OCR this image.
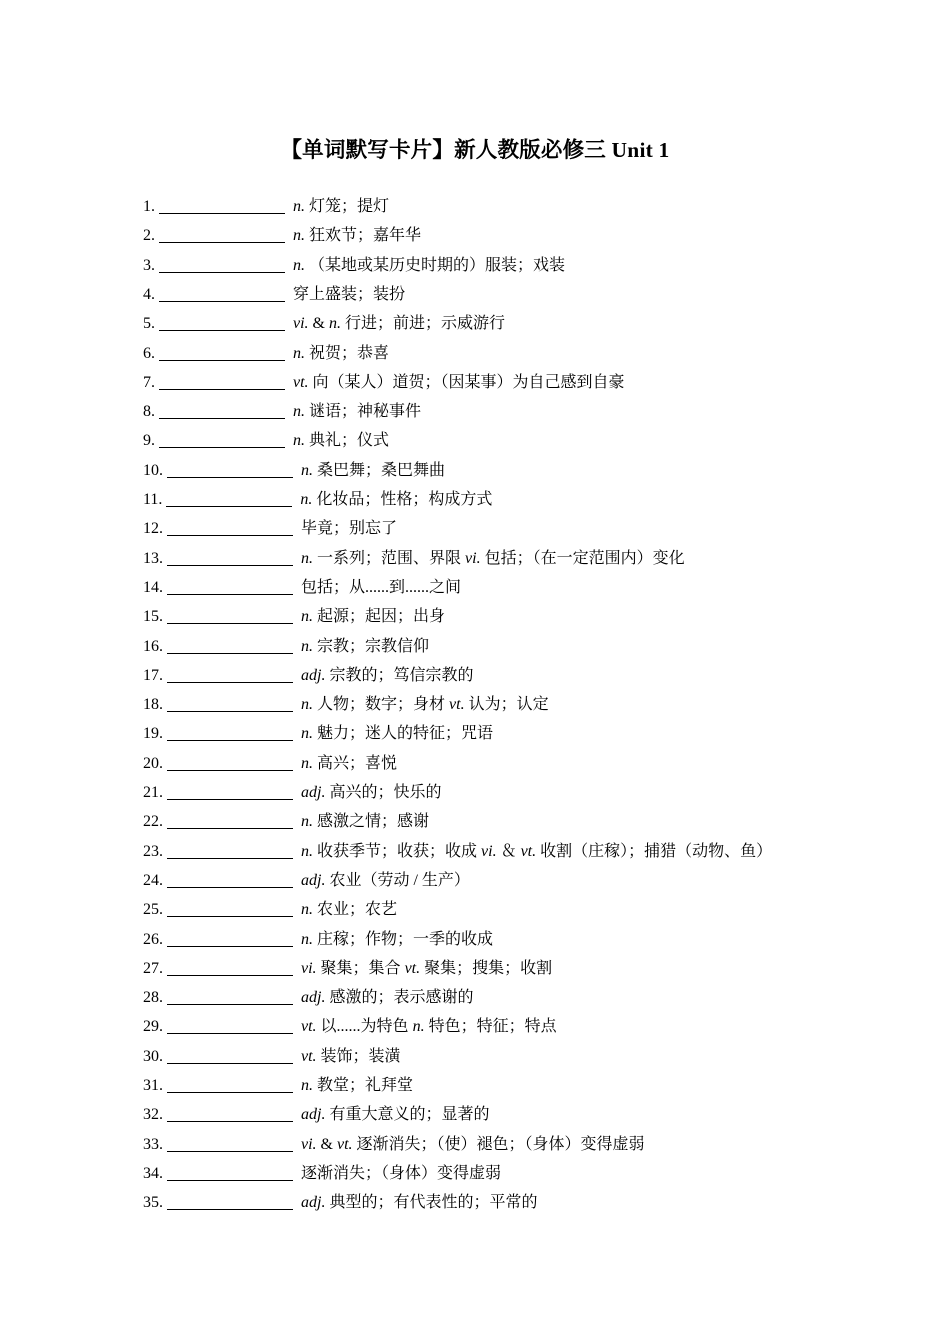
【单词默写卡片】新人教版必修三 Unit 1
1.	n. 灯笼；提灯
2.	n. 狂欢节；嘉年华
3.	n. （某地或某历史时期的）服装；戏装
4.	穿上盛装；装扮
5.	vi. & n. 行进；前进；示威游行
6.	n. 祝贺；恭喜
7.	vt. 向（某人）道贺；（因某事）为自己感到自豪
8.	n. 谜语；神秘事件
9.	n. 典礼；仪式
10.	n. 桑巴舞；桑巴舞曲
11.	n. 化妆品；性格；构成方式
12.	毕竟；别忘了
13.	n. 一系列；范围、界限 vi. 包括；（在一定范围内）变化
14.	包括；从......到......之间
15.	n. 起源；起因；出身
16.	n. 宗教；宗教信仰
17.	adj. 宗教的；笃信宗教的
18.	n. 人物；数字；身材 vt. 认为；认定
19.	n. 魅力；迷人的特征；咒语
20.	n. 高兴；喜悦
21.	adj. 高兴的；快乐的
22.	n. 感激之情；感谢
23.	n. 收获季节；收获；收成 vi. ＆ vt. 收割（庄稼）；捕猎（动物、鱼）
24.	adj. 农业（劳动 / 生产）
25.	n. 农业；农艺
26.	n. 庄稼；作物；一季的收成
27.	vi. 聚集；集合 vt. 聚集；搜集；收割
28.	adj. 感激的；表示感谢的
29.	vt. 以......为特色 n. 特色；特征；特点
30.	vt. 装饰；装潢
31.	n. 教堂；礼拜堂
32.	adj. 有重大意义的；显著的
33.	vi. & vt. 逐渐消失；（使）褪色；（身体）变得虚弱
34.	逐渐消失；（身体）变得虚弱
35.	adj. 典型的；有代表性的；平常的
